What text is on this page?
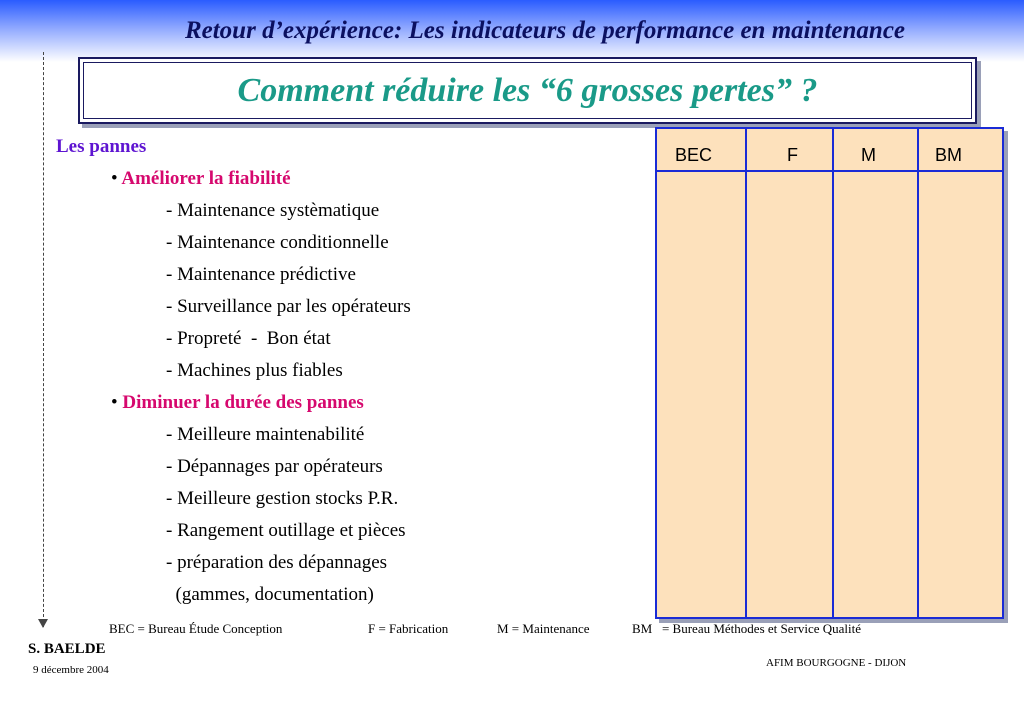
Retour d’expérience: Les indicateurs de performance en maintenance
Comment réduire les “6 grosses pertes” ?
Les pannes
• Améliorer la fiabilité
- Maintenance systèmatique
- Maintenance conditionnelle
- Maintenance prédictive
- Surveillance par les opérateurs
- Propreté  -  Bon état
- Machines plus fiables
• Diminuer la durée des pannes
- Meilleure maintenabilité
- Dépannages par opérateurs
- Meilleure gestion stocks P.R.
- Rangement outillage et pièces
- préparation des dépannages
(gammes, documentation)
BEC	F	M	BM
BEC = Bureau Étude Conception	F = Fabrication	M = Maintenance	BM   = Bureau Méthodes et Service Qualité
S. BAELDE
9 décembre 2004
AFIM BOURGOGNE - DIJON
